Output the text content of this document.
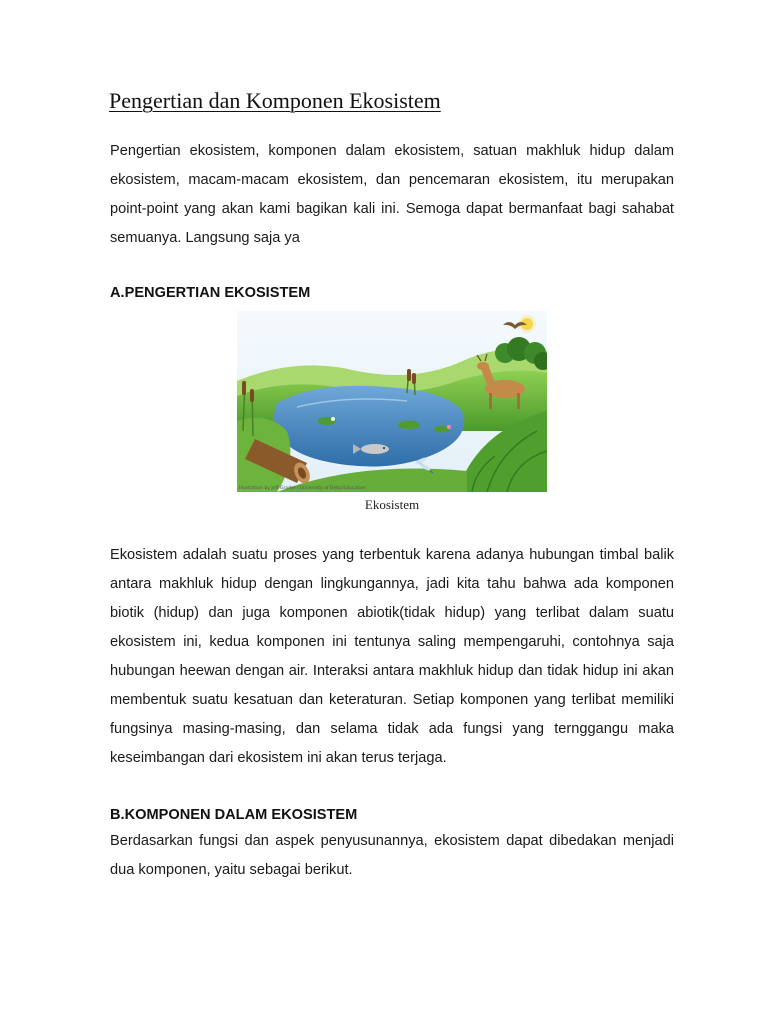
Pengertian dan Komponen Ekosistem

Pengertian ekosistem, komponen dalam ekosistem, satuan makhluk hidup dalam ekosistem, macam-macam ekosistem, dan pencemaran ekosistem, itu merupakan point-point yang akan kami bagikan kali ini. Semoga dapat bermanfaat bagi sahabat semuanya. Langsung saja ya

A.PENGERTIAN EKOSISTEM

Illustration by Jeff Grader / University of Delta Education

Ekosistem

Ekosistem adalah suatu proses yang terbentuk karena adanya hubungan timbal balik antara makhluk hidup dengan lingkungannya, jadi kita tahu bahwa ada komponen biotik (hidup) dan juga komponen abiotik(tidak hidup) yang terlibat dalam suatu ekosistem ini, kedua komponen ini tentunya saling mempengaruhi, contohnya saja hubungan heewan dengan air. Interaksi antara makhluk hidup dan tidak hidup ini akan membentuk suatu kesatuan dan keteraturan. Setiap komponen yang terlibat memiliki fungsinya masing-masing, dan selama tidak ada fungsi yang ternggangu maka keseimbangan dari ekosistem ini akan terus terjaga.

B.KOMPONEN DALAM EKOSISTEM

Berdasarkan fungsi dan aspek penyusunannya, ekosistem dapat dibedakan menjadi dua komponen, yaitu sebagai berikut.
